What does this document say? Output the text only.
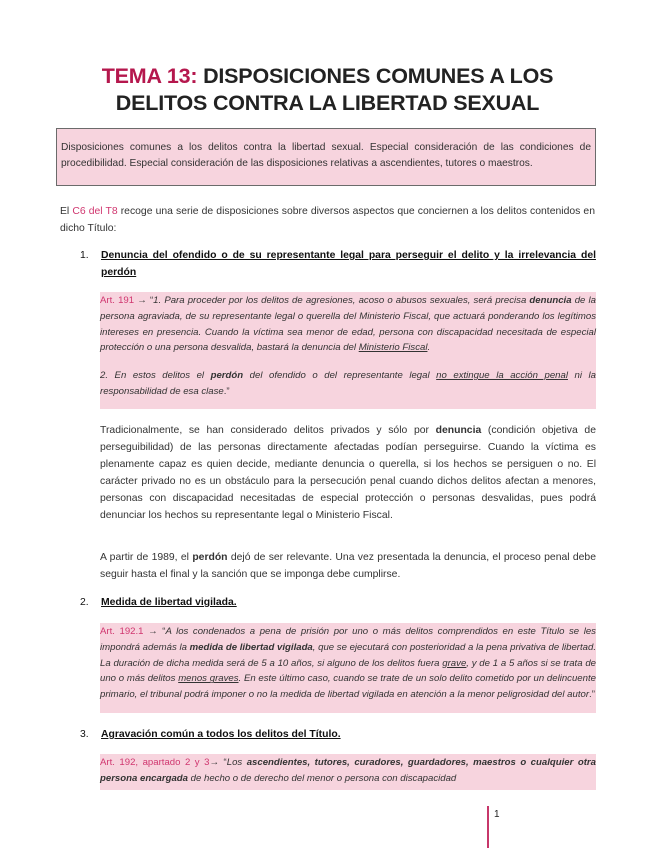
TEMA 13: DISPOSICIONES COMUNES A LOS
DELITOS CONTRA LA LIBERTAD SEXUAL
Disposiciones comunes a los delitos contra la libertad sexual. Especial consideración de las condiciones de procedibilidad. Especial consideración de las disposiciones relativas a ascendientes, tutores o maestros.
El C6 del T8 recoge una serie de disposiciones sobre diversos aspectos que conciernen a los delitos contenidos en dicho Título:
1. Denuncia del ofendido o de su representante legal para perseguir el delito y la irrelevancia del perdón
Art. 191 → “1. Para proceder por los delitos de agresiones, acoso o abusos sexuales, será precisa denuncia de la persona agraviada, de su representante legal o querella del Ministerio Fiscal, que actuará ponderando los legítimos intereses en presencia. Cuando la víctima sea menor de edad, persona con discapacidad necesitada de especial protección o una persona desvalida, bastará la denuncia del Ministerio Fiscal.
2. En estos delitos el perdón del ofendido o del representante legal no extingue la acción penal ni la responsabilidad de esa clase.”
Tradicionalmente, se han considerado delitos privados y sólo por denuncia (condición objetiva de perseguibilidad) de las personas directamente afectadas podían perseguirse. Cuando la víctima es plenamente capaz es quien decide, mediante denuncia o querella, si los hechos se persiguen o no. El carácter privado no es un obstáculo para la persecución penal cuando dichos delitos afectan a menores, personas con discapacidad necesitadas de especial protección o personas desvalidas, pues podrá denunciar los hechos su representante legal o Ministerio Fiscal.
A partir de 1989, el perdón dejó de ser relevante. Una vez presentada la denuncia, el proceso penal debe seguir hasta el final y la sanción que se imponga debe cumplirse.
2. Medida de libertad vigilada.
Art. 192.1 → “A los condenados a pena de prisión por uno o más delitos comprendidos en este Título se les impondrá además la medida de libertad vigilada, que se ejecutará con posterioridad a la pena privativa de libertad. La duración de dicha medida será de 5 a 10 años, si alguno de los delitos fuera grave, y de 1 a 5 años si se trata de uno o más delitos menos graves. En este último caso, cuando se trate de un solo delito cometido por un delincuente primario, el tribunal podrá imponer o no la medida de libertad vigilada en atención a la menor peligrosidad del autor.”
3. Agravación común a todos los delitos del Título.
Art. 192, apartado 2 y 3→ “Los ascendientes, tutores, curadores, guardadores, maestros o cualquier otra persona encargada de hecho o de derecho del menor o persona con discapacidad
1
